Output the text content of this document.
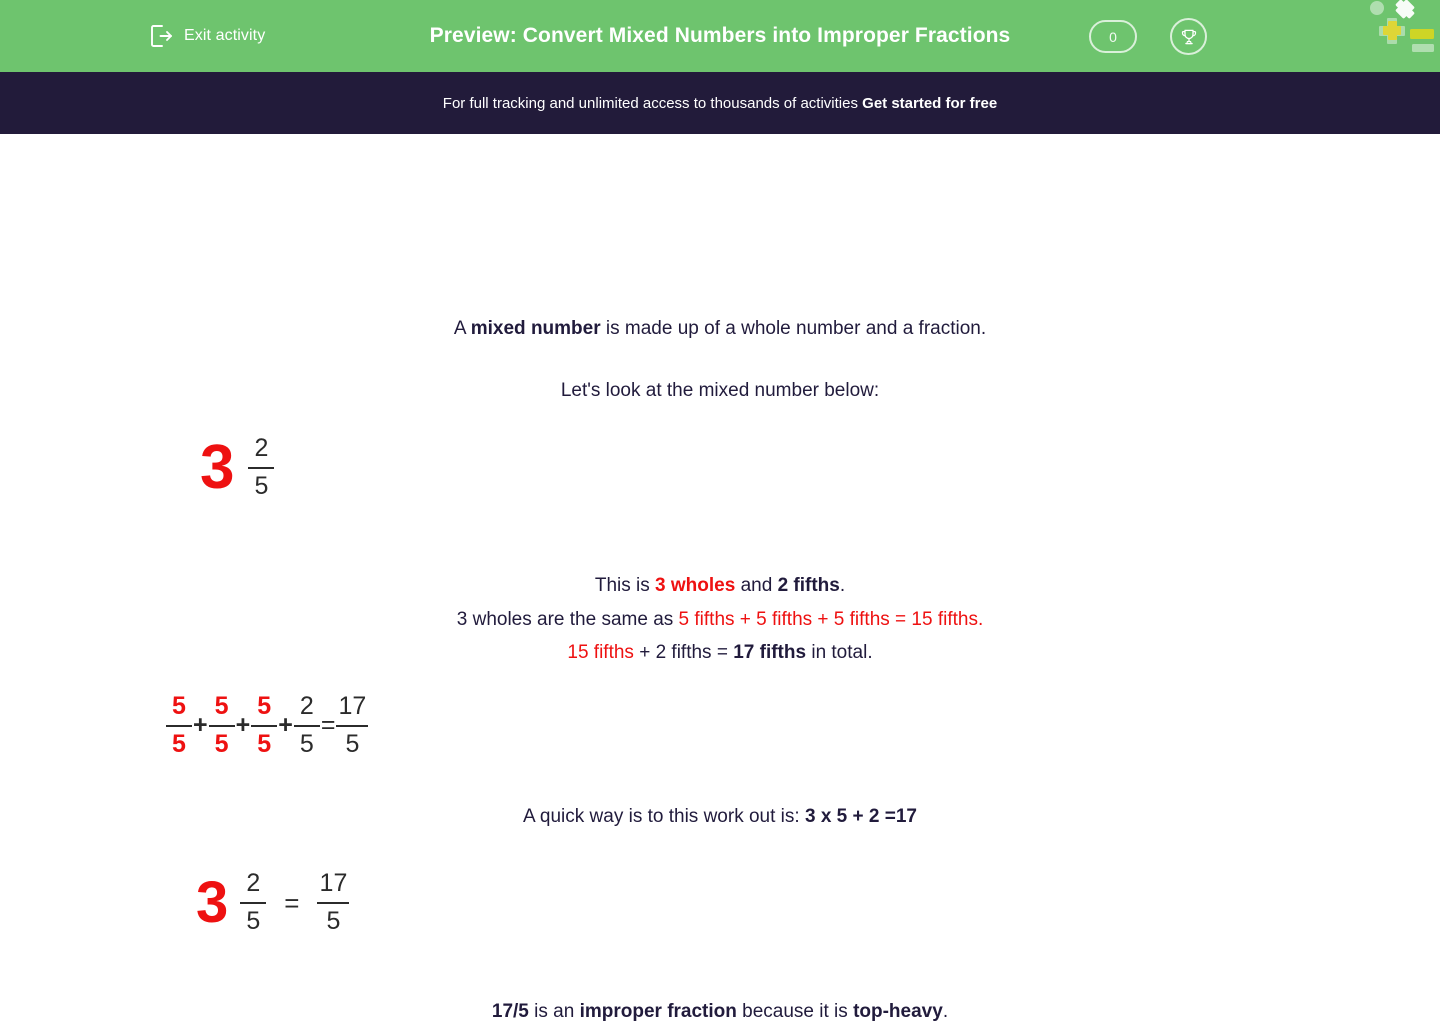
Exit activity	Preview: Convert Mixed Numbers into Improper Fractions	0
For full tracking and unlimited access to thousands of activities Get started for free
A mixed number is made up of a whole number and a fraction.
Let's look at the mixed number below:
$3 \frac{2}{5}$
This is 3 wholes and 2 fifths.
3 wholes are the same as 5 fifths + 5 fifths + 5 fifths = 15 fifths.
15 fifths + 2 fifths = 17 fifths in total.
$\frac{5}{5} + \frac{5}{5} + \frac{5}{5} + \frac{2}{5} = \frac{17}{5}$
A quick way is to this work out is: 3 x 5 + 2 =17
$3 \frac{2}{5} = \frac{17}{5}$
17/5 is an improper fraction because it is top-heavy.
